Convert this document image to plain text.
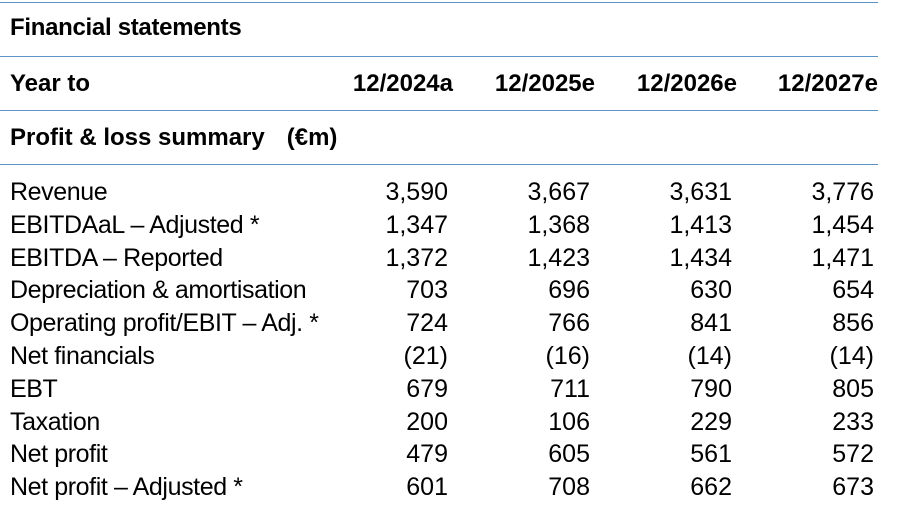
Financial statements
Year to	12/2024a	12/2025e	12/2026e	12/2027e
Profit & loss summary (€m)
Revenue	3,590	3,667	3,631	3,776
EBITDAaL – Adjusted *	1,347	1,368	1,413	1,454
EBITDA – Reported	1,372	1,423	1,434	1,471
Depreciation & amortisation	703	696	630	654
Operating profit/EBIT – Adj. *	724	766	841	856
Net financials	(21)	(16)	(14)	(14)
EBT	679	711	790	805
Taxation	200	106	229	233
Net profit	479	605	561	572
Net profit – Adjusted *	601	708	662	673
